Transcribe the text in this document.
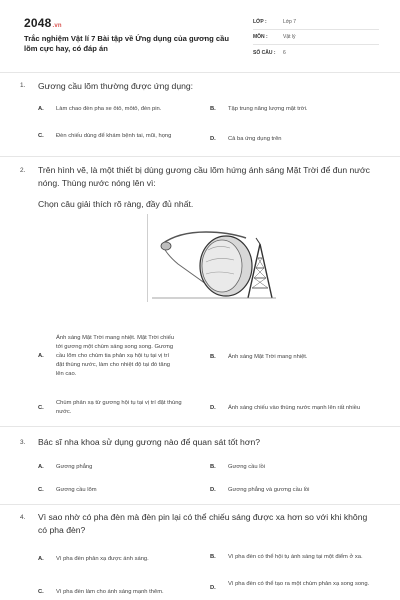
2048.vn
Trắc nghiệm Vật lí 7 Bài tập về Ứng dụng của gương cầu lõm cực hay, có đáp án
LỚP :	Lớp 7
MÔN :	Vật lý
SỐ CÂU :	6
1. Gương cầu lõm thường được ứng dụng:
A.	Làm chao đèn pha xe ôtô, môtô, đèn pin.	B.	Tập trung năng lượng mặt trời.
C.	Đèn chiếu dùng để khám bệnh tai, mũi, họng
D.	Cả ba ứng dụng trên
2. Trên hình vẽ, là một thiết bị dùng gương cầu lõm hứng ánh sáng Mặt Trời để đun nước nóng. Thùng nước nóng lên vì:
Chọn câu giải thích rõ ràng, đầy đủ nhất.
A.
Ánh sáng Mặt Trời mang nhiệt. Mặt Trời chiếu tới gương một chùm sáng song song. Gương cầu lõm cho chùm tia phản xạ hội tụ tại vị trí đặt thùng nước, làm cho nhiệt độ tại đó tăng lên cao.
B.	Ánh sáng Mặt Trời mang nhiệt.
C.
Chùm phản xạ từ gương hội tụ tại vị trí đặt thùng nước.
D.	Ánh sáng chiếu vào thùng nước mạnh lên rất nhiều
3. Bác sĩ nha khoa sử dụng gương nào để quan sát tốt hơn?
A.	Gương phẳng	B.	Gương cầu lồi
C.	Gương cầu lõm	D.	Gương phẳng và gương cầu lồi
4. Vì sao nhờ có pha đèn mà đèn pin lại có thể chiếu sáng được xa hơn so với khi không có pha đèn?
A.	Vì pha đèn phản xạ được ánh sáng.	B.	Vì pha đèn có thể hội tụ ánh sáng tại một điểm ở xa.
C.	Vì pha đèn làm cho ánh sáng mạnh thêm.
D.
Vì pha đèn có thể tạo ra một chùm phản xạ song song.
